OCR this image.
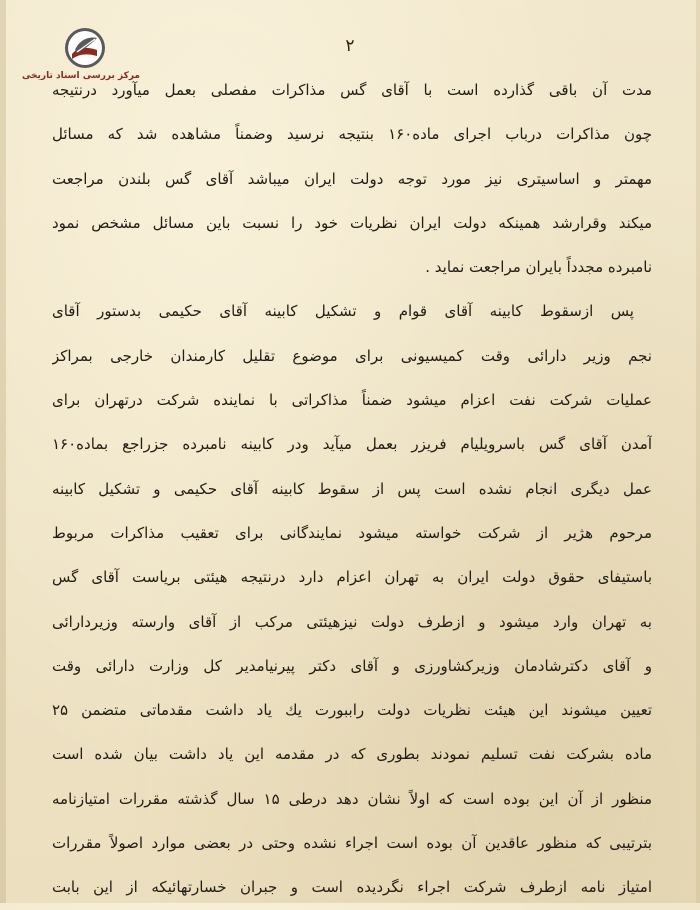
مرکز بررسی اسناد تاریخی
۲
مدت آن باقی گذارده است با آقای گس مذاکرات مفصلی بعمل میآورد درنتیجه
چون مذاکرات درباب اجرای ماده۱۶۰ بنتیجه نرسید وضمناً مشاهده شد که مسائل
مهمتر و اساسیتری نیز مورد توجه دولت ایران میباشد آقای گس بلندن مراجعت
میکند وقرارشد همینکه دولت ایران نظریات خود را نسبت باین مسائل مشخص نمود
نامبرده مجدداً بایران مراجعت نماید .
پس ازسقوط کابینه آقای قوام و تشکیل کابینه آقای حکیمی بدستور آقای
نجم وزیر دارائی وقت کمیسیونی برای موضوع تقلیل کارمندان خارجی بمراکز
عملیات شرکت نفت اعزام میشود ضمناً مذاکراتی با نماینده شرکت درتهران برای
آمدن آقای گس باسرویلیام فریزر بعمل میآید ودر کابینه نامبرده جزراجع بماده۱۶۰
عمل دیگری انجام نشده است پس از سقوط کابینه آقای حکیمی و تشکیل کابینه
مرحوم هژیر از شرکت خواسته میشود نمایندگانی برای تعقیب مذاکرات مربوط
باستیفای حقوق دولت ایران به تهران اعزام دارد درنتیجه هیئتی بریاست آقای گس
به تهران وارد میشود و ازطرف دولت نیزهیئتی مرکب از آقای وارسته وزیردارائی
و آقای دکترشادمان وزیرکشاورزی و آقای دکتر پیرنیامدیر کل وزارت دارائی وقت
تعیین میشوند این هیئت نظریات دولت راببورت یك یاد داشت مقدماتی متضمن ۲۵
ماده بشرکت نفت تسلیم نمودند بطوری که در مقدمه این یاد داشت بیان شده است
منظور از آن این بوده است که اولاً نشان دهد درطی ۱۵ سال گذشته مقررات امتیازنامه
بترتیبی که منظور عاقدین آن بوده است اجراء نشده وحتی در بعضی موارد اصولاً مقررات
امتیاز نامه ازطرف شرکت اجراء نگردیده است و جبران خسارتهائیکه از این بابت
